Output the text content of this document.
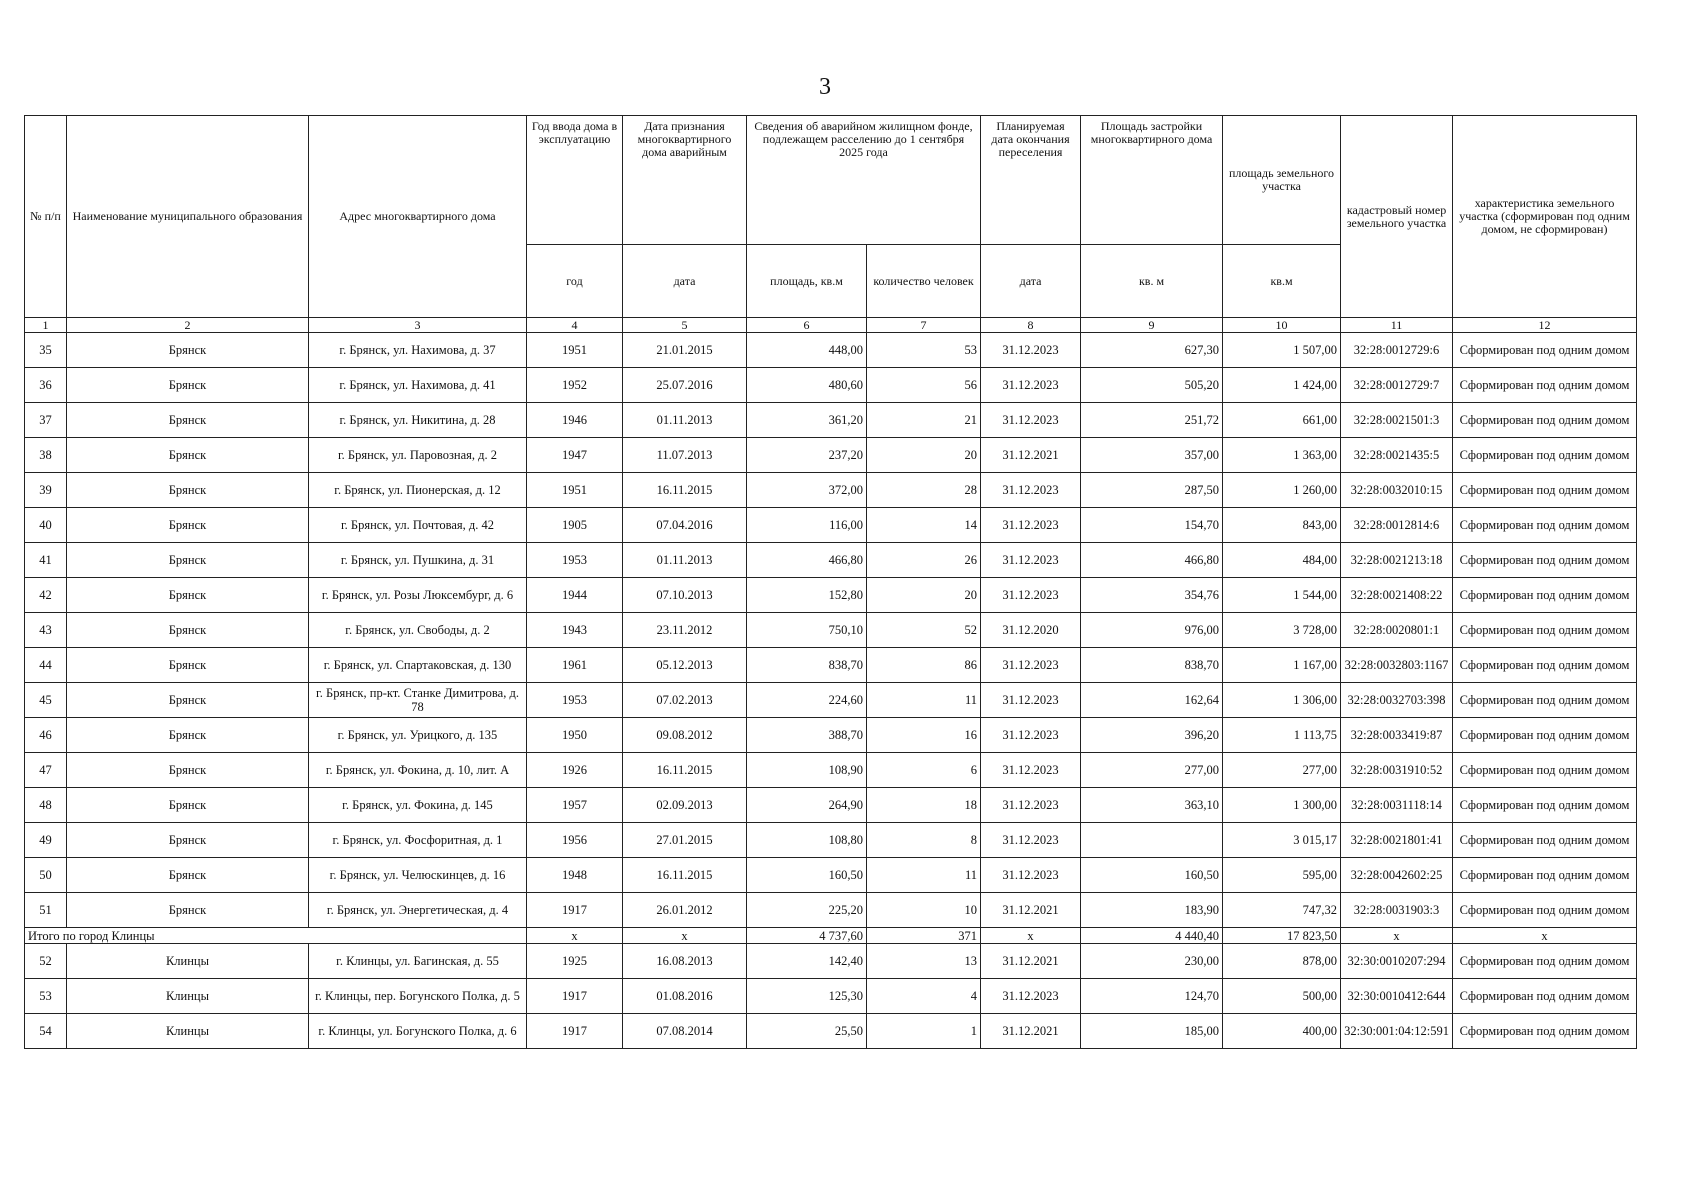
3
№ п/п	Наименование муниципального образования	Адрес многоквартирного дома	Год ввода дома в эксплуатацию	Дата признания многоквартирного дома аварийным	Сведения об аварийном жилищном фонде, подлежащем расселению до 1 сентября 2025 года		Планируемая дата окончания переселения	Площадь застройки многоквартирного дома	площадь земельного участка	кадастровый номер земельного участка	характеристика земельного участка (сформирован под одним домом, не сформирован)
			год	дата	площадь, кв.м	количество человек	дата	кв. м	кв.м		
1	2	3	4	5	6	7	8	9	10	11	12
35	Брянск	г. Брянск, ул. Нахимова, д. 37	1951	21.01.2015	448,00	53	31.12.2023	627,30	1 507,00	32:28:0012729:6	Сформирован под одним домом
36	Брянск	г. Брянск, ул. Нахимова, д. 41	1952	25.07.2016	480,60	56	31.12.2023	505,20	1 424,00	32:28:0012729:7	Сформирован под одним домом
37	Брянск	г. Брянск, ул. Никитина, д. 28	1946	01.11.2013	361,20	21	31.12.2023	251,72	661,00	32:28:0021501:3	Сформирован под одним домом
38	Брянск	г. Брянск, ул. Паровозная, д. 2	1947	11.07.2013	237,20	20	31.12.2021	357,00	1 363,00	32:28:0021435:5	Сформирован под одним домом
39	Брянск	г. Брянск, ул. Пионерская, д. 12	1951	16.11.2015	372,00	28	31.12.2023	287,50	1 260,00	32:28:0032010:15	Сформирован под одним домом
40	Брянск	г. Брянск, ул. Почтовая, д. 42	1905	07.04.2016	116,00	14	31.12.2023	154,70	843,00	32:28:0012814:6	Сформирован под одним домом
41	Брянск	г. Брянск, ул. Пушкина, д. 31	1953	01.11.2013	466,80	26	31.12.2023	466,80	484,00	32:28:0021213:18	Сформирован под одним домом
42	Брянск	г. Брянск, ул. Розы Люксембург, д. 6	1944	07.10.2013	152,80	20	31.12.2023	354,76	1 544,00	32:28:0021408:22	Сформирован под одним домом
43	Брянск	г. Брянск, ул. Свободы, д. 2	1943	23.11.2012	750,10	52	31.12.2020	976,00	3 728,00	32:28:0020801:1	Сформирован под одним домом
44	Брянск	г. Брянск, ул. Спартаковская, д. 130	1961	05.12.2013	838,70	86	31.12.2023	838,70	1 167,00	32:28:0032803:1167	Сформирован под одним домом
45	Брянск	г. Брянск, пр-кт. Станке Димитрова, д. 78	1953	07.02.2013	224,60	11	31.12.2023	162,64	1 306,00	32:28:0032703:398	Сформирован под одним домом
46	Брянск	г. Брянск, ул. Урицкого, д. 135	1950	09.08.2012	388,70	16	31.12.2023	396,20	1 113,75	32:28:0033419:87	Сформирован под одним домом
47	Брянск	г. Брянск, ул. Фокина, д. 10, лит. А	1926	16.11.2015	108,90	6	31.12.2023	277,00	277,00	32:28:0031910:52	Сформирован под одним домом
48	Брянск	г. Брянск, ул. Фокина, д. 145	1957	02.09.2013	264,90	18	31.12.2023	363,10	1 300,00	32:28:0031118:14	Сформирован под одним домом
49	Брянск	г. Брянск, ул. Фосфоритная, д. 1	1956	27.01.2015	108,80	8	31.12.2023		3 015,17	32:28:0021801:41	Сформирован под одним домом
50	Брянск	г. Брянск, ул. Челюскинцев, д. 16	1948	16.11.2015	160,50	11	31.12.2023	160,50	595,00	32:28:0042602:25	Сформирован под одним домом
51	Брянск	г. Брянск, ул. Энергетическая, д. 4	1917	26.01.2012	225,20	10	31.12.2021	183,90	747,32	32:28:0031903:3	Сформирован под одним домом
Итого по город Клинцы			x	x	4 737,60	371	x	4 440,40	17 823,50	x	x
52	Клинцы	г. Клинцы, ул. Багинская, д. 55	1925	16.08.2013	142,40	13	31.12.2021	230,00	878,00	32:30:0010207:294	Сформирован под одним домом
53	Клинцы	г. Клинцы, пер. Богунского Полка, д. 5	1917	01.08.2016	125,30	4	31.12.2023	124,70	500,00	32:30:0010412:644	Сформирован под одним домом
54	Клинцы	г. Клинцы, ул. Богунского Полка, д. 6	1917	07.08.2014	25,50	1	31.12.2021	185,00	400,00	32:30:001:04:12:591	Сформирован под одним домом
